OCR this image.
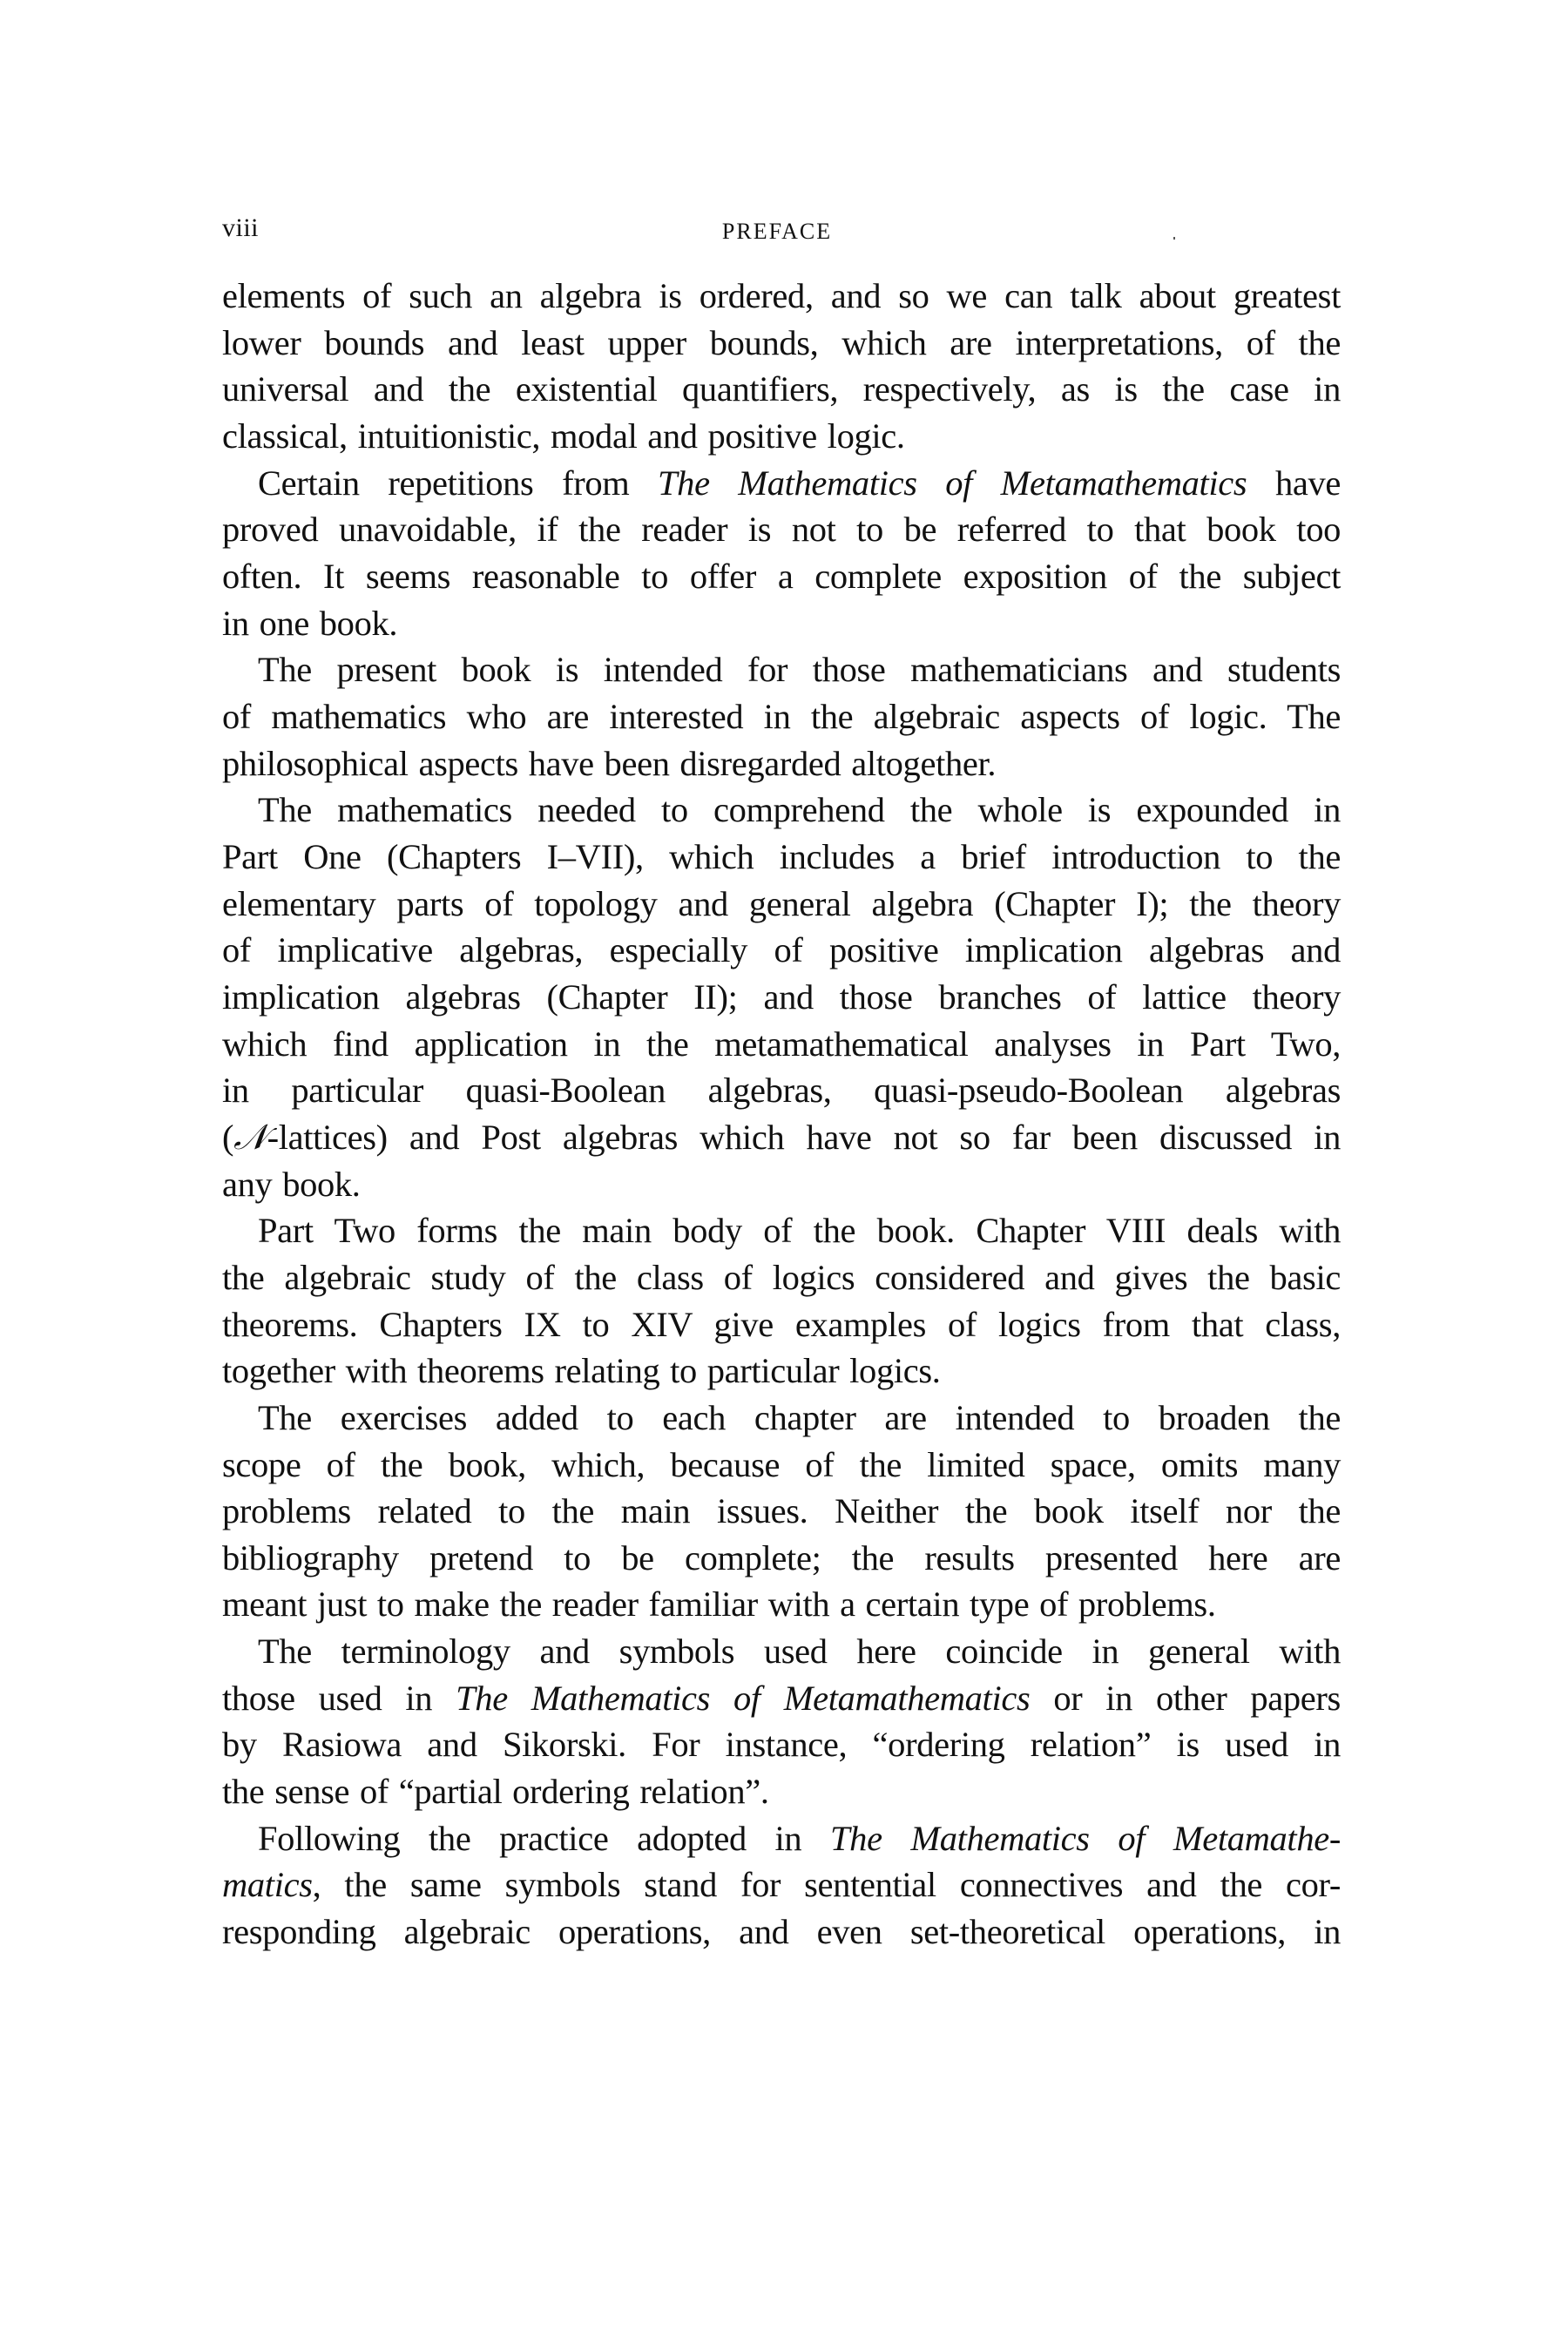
viii	PREFACE
elements of such an algebra is ordered, and so we can talk about greatest
lower bounds and least upper bounds, which are interpretations, of the
universal and the existential quantifiers, respectively, as is the case in
classical, intuitionistic, modal and positive logic.
Certain repetitions from The Mathematics of Metamathematics have
proved unavoidable, if the reader is not to be referred to that book too
often. It seems reasonable to offer a complete exposition of the subject
in one book.
The present book is intended for those mathematicians and students
of mathematics who are interested in the algebraic aspects of logic. The
philosophical aspects have been disregarded altogether.
The mathematics needed to comprehend the whole is expounded in
Part One (Chapters I–VII), which includes a brief introduction to the
elementary parts of topology and general algebra (Chapter I); the theory
of implicative algebras, especially of positive implication algebras and
implication algebras (Chapter II); and those branches of lattice theory
which find application in the metamathematical analyses in Part Two,
in particular quasi-Boolean algebras, quasi-pseudo-Boolean algebras
(𝒩-lattices) and Post algebras which have not so far been discussed in
any book.
Part Two forms the main body of the book. Chapter VIII deals with
the algebraic study of the class of logics considered and gives the basic
theorems. Chapters IX to XIV give examples of logics from that class,
together with theorems relating to particular logics.
The exercises added to each chapter are intended to broaden the
scope of the book, which, because of the limited space, omits many
problems related to the main issues. Neither the book itself nor the
bibliography pretend to be complete; the results presented here are
meant just to make the reader familiar with a certain type of problems.
The terminology and symbols used here coincide in general with
those used in The Mathematics of Metamathematics or in other papers
by Rasiowa and Sikorski. For instance, “ordering relation” is used in
the sense of “partial ordering relation”.
Following the practice adopted in The Mathematics of Metamathe-
matics, the same symbols stand for sentential connectives and the cor-
responding algebraic operations, and even set-theoretical operations, in
